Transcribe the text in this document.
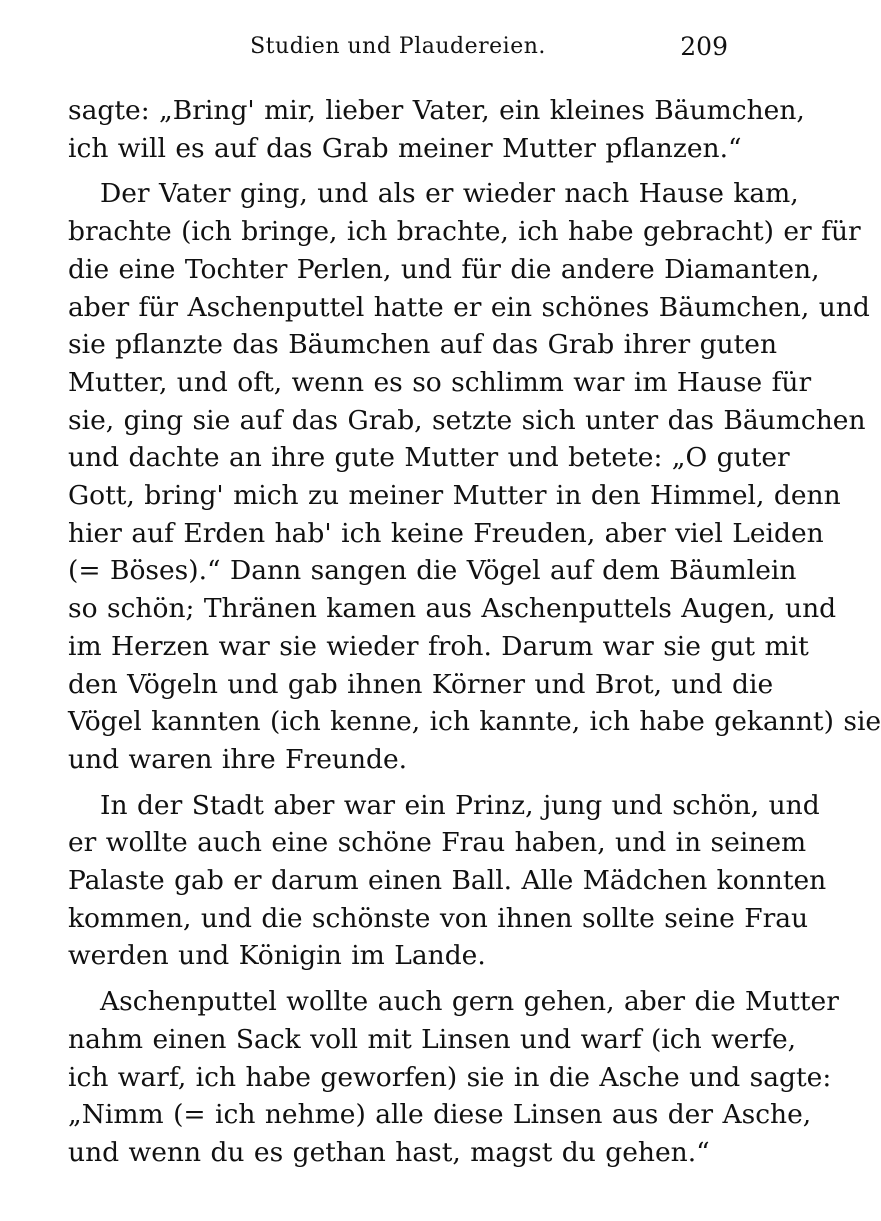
Studien und Plaudereien.	209

sagte: „Bring' mir, lieber Vater, ein kleines Bäumchen,
ich will es auf das Grab meiner Mutter pflanzen.“

Der Vater ging, und als er wieder nach Hause kam,
brachte (ich bringe, ich brachte, ich habe gebracht) er für
die eine Tochter Perlen, und für die andere Diamanten,
aber für Aschenputtel hatte er ein schönes Bäumchen, und
sie pflanzte das Bäumchen auf das Grab ihrer guten
Mutter, und oft, wenn es so schlimm war im Hause für
sie, ging sie auf das Grab, setzte sich unter das Bäumchen
und dachte an ihre gute Mutter und betete: „O guter
Gott, bring' mich zu meiner Mutter in den Himmel, denn
hier auf Erden hab' ich keine Freuden, aber viel Leiden
(= Böses).“ Dann sangen die Vögel auf dem Bäumlein
so schön; Thränen kamen aus Aschenputtels Augen, und
im Herzen war sie wieder froh. Darum war sie gut mit
den Vögeln und gab ihnen Körner und Brot, und die
Vögel kannten (ich kenne, ich kannte, ich habe gekannt) sie
und waren ihre Freunde.

In der Stadt aber war ein Prinz, jung und schön, und
er wollte auch eine schöne Frau haben, und in seinem
Palaste gab er darum einen Ball. Alle Mädchen konnten
kommen, und die schönste von ihnen sollte seine Frau
werden und Königin im Lande.

Aschenputtel wollte auch gern gehen, aber die Mutter
nahm einen Sack voll mit Linsen und warf (ich werfe,
ich warf, ich habe geworfen) sie in die Asche und sagte:
„Nimm (= ich nehme) alle diese Linsen aus der Asche,
und wenn du es gethan hast, magst du gehen.“
